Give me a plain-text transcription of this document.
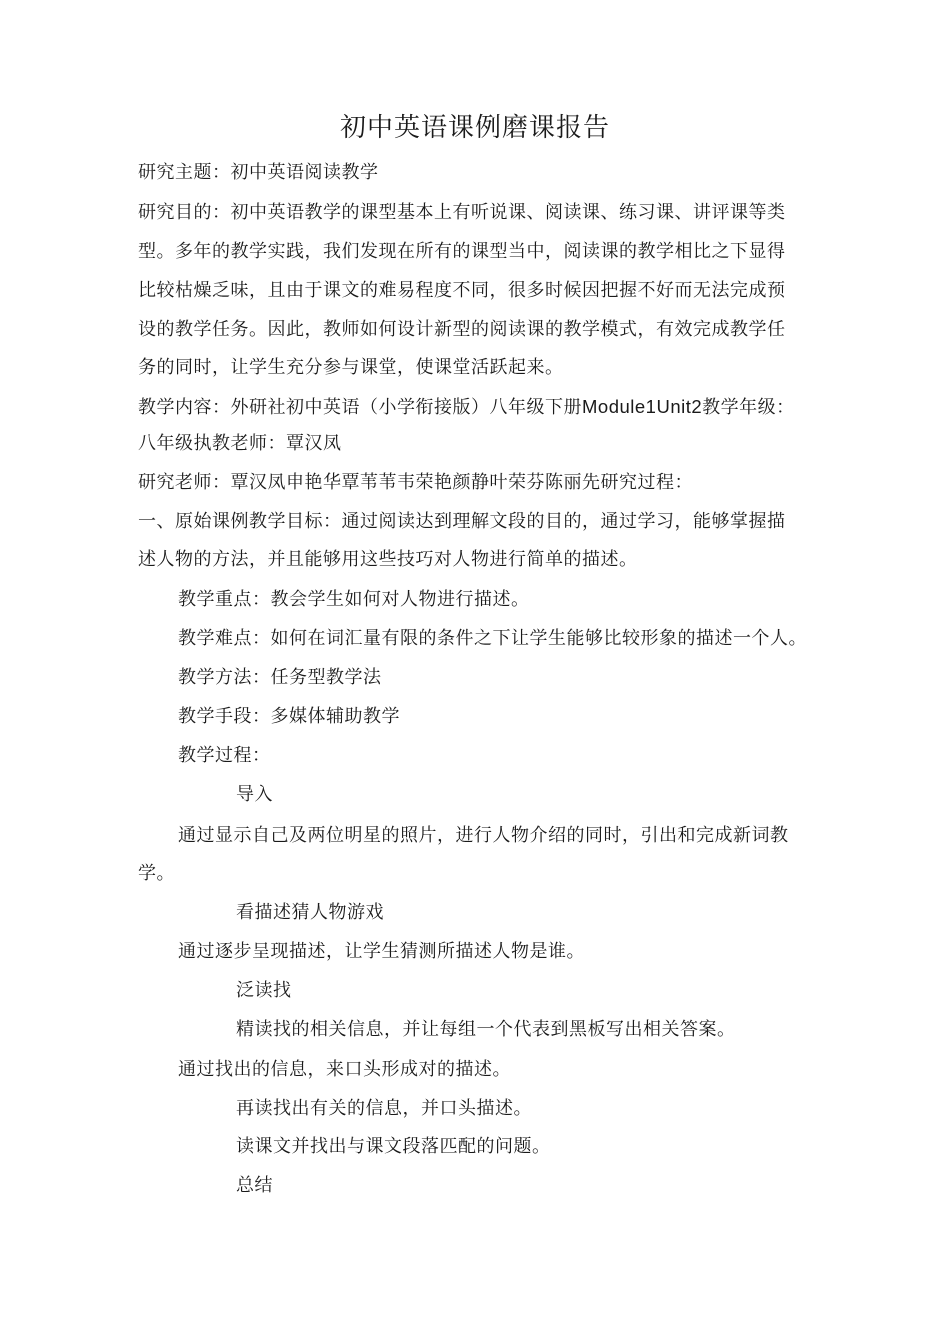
初中英语课例磨课报告
研究主题：初中英语阅读教学
研究目的：初中英语教学的课型基本上有听说课、阅读课、练习课、讲评课等类
型。多年的教学实践，我们发现在所有的课型当中，阅读课的教学相比之下显得
比较枯燥乏味，且由于课文的难易程度不同，很多时候因把握不好而无法完成预
设的教学任务。因此，教师如何设计新型的阅读课的教学模式，有效完成教学任
务的同时，让学生充分参与课堂，使课堂活跃起来。
教学内容：外研社初中英语（小学衔接版）八年级下册Module1Unit2教学年级：
八年级执教老师：覃汉凤
研究老师：覃汉凤申艳华覃苇苇韦荣艳颜静叶荣芬陈丽先研究过程：
一、原始课例教学目标：通过阅读达到理解文段的目的，通过学习，能够掌握描
述人物的方法，并且能够用这些技巧对人物进行简单的描述。
教学重点：教会学生如何对人物进行描述。
教学难点：如何在词汇量有限的条件之下让学生能够比较形象的描述一个人。
教学方法：任务型教学法
教学手段：多媒体辅助教学
教学过程：
导入
通过显示自己及两位明星的照片，进行人物介绍的同时，引出和完成新词教
学。
看描述猜人物游戏
通过逐步呈现描述，让学生猜测所描述人物是谁。
泛读找
精读找的相关信息，并让每组一个代表到黑板写出相关答案。
通过找出的信息，来口头形成对的描述。
再读找出有关的信息，并口头描述。
读课文并找出与课文段落匹配的问题。
总结
